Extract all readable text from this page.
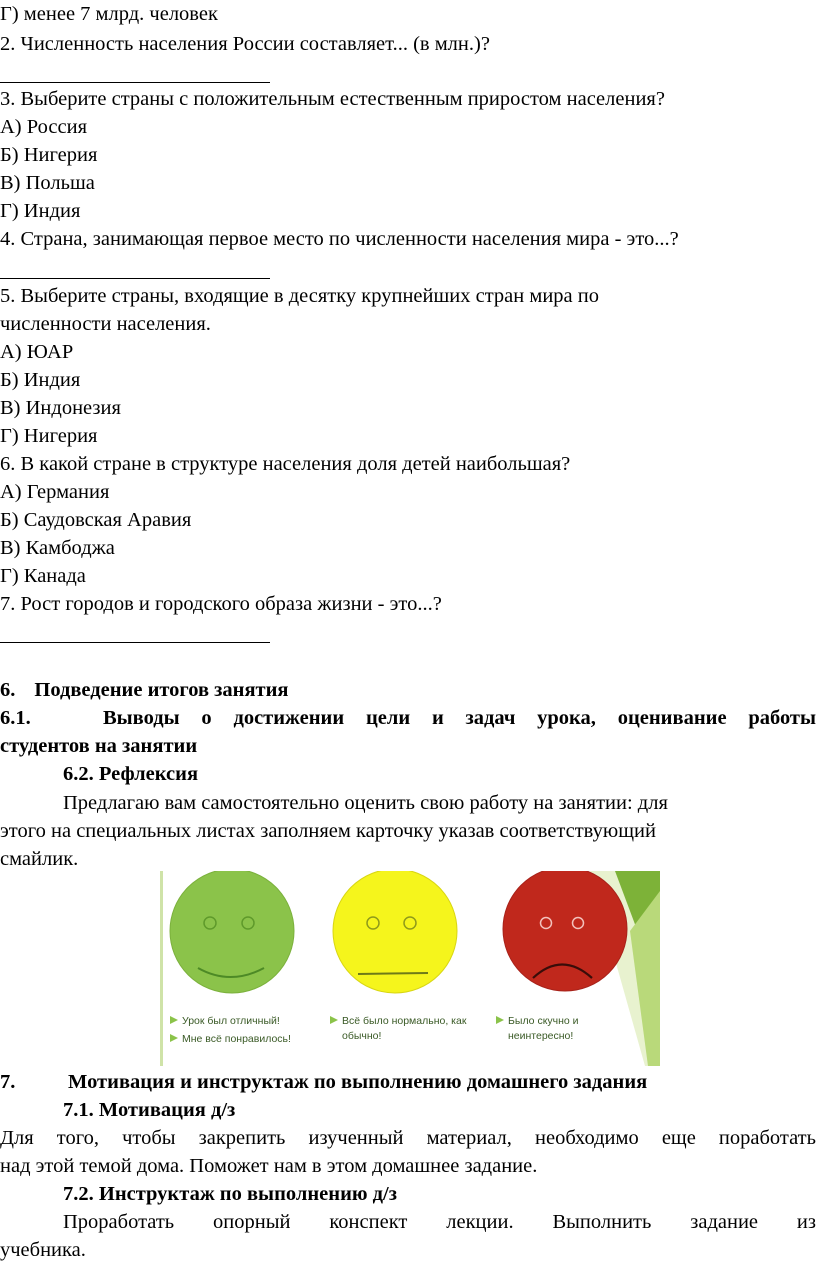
Г) менее 7 млрд. человек
2. Численность населения России составляет... (в млн.)?
3. Выберите страны с положительным естественным приростом населения?
А) Россия
Б) Нигерия
В) Польша
Г) Индия
4. Страна, занимающая первое место по численности населения мира - это...?
5. Выберите страны, входящие в десятку крупнейших стран мира по
численности населения.
А) ЮАР
Б) Индия
В) Индонезия
Г) Нигерия
6. В какой стране в структуре населения доля детей наибольшая?
А) Германия
Б) Саудовская Аравия
В) Камбоджа
Г) Канада
7. Рост городов и городского образа жизни - это...?
6. Подведение итогов занятия
6.1.	Выводы о достижении цели и задач урока, оценивание работы
студентов на занятии
6.2. Рефлексия
Предлагаю вам самостоятельно оценить свою работу на занятии: для
этого на специальных листах заполняем карточку указав соответствующий
смайлик.
Урок был отличный!
Мне всё понравилось!
Всё было нормально, как
обычно!
Было скучно и
неинтересно!
7.	Мотивация и инструктаж по выполнению домашнего задания
7.1. Мотивация д/з
Для того, чтобы закрепить изученный материал, необходимо еще поработать
над этой темой дома. Поможет нам в этом домашнее задание.
7.2. Инструктаж по выполнению д/з
Проработать опорный конспект лекции. Выполнить задание из
учебника.
